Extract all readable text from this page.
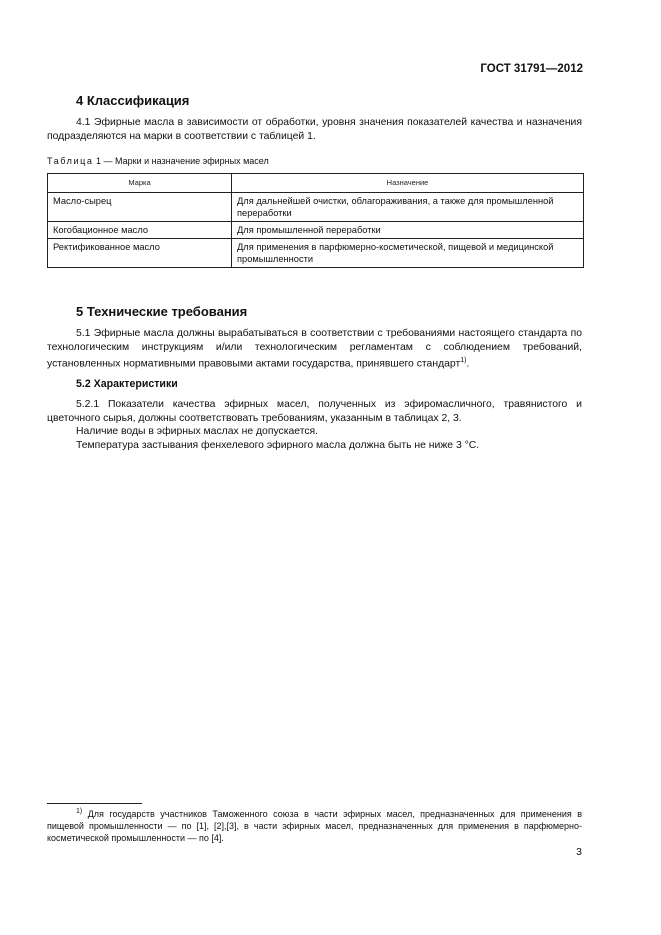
ГОСТ 31791—2012
4 Классификация
4.1 Эфирные масла в зависимости от обработки, уровня значения показателей качества и назначения подразделяются на марки в соответствии с таблицей 1.
Таблица 1 — Марки и назначение эфирных масел
Марка	Назначение
Масло-сырец	Для дальнейшей очистки, облагораживания, а также для промышленной переработки
Когобационное масло	Для промышленной переработки
Ректификованное масло	Для применения в парфюмерно-косметической, пищевой и медицинской промышленности
5 Технические требования
5.1 Эфирные масла должны вырабатываться в соответствии с требованиями настоящего стандарта по технологическим инструкциям и/или технологическим регламентам с соблюдением требований, установленных нормативными правовыми актами государства, принявшего стандарт$^{1)}$.
5.2 Характеристики
5.2.1 Показатели качества эфирных масел, полученных из эфиромасличного, травянистого и цветочного сырья, должны соответствовать требованиям, указанным в таблицах 2, 3.
Наличие воды в эфирных маслах не допускается.
Температура застывания фенхелевого эфирного масла должна быть не ниже 3 °С.
$^{1)}$ Для государств участников Таможенного союза в части эфирных масел, предназначенных для применения в пищевой промышленности — по [1], [2],[3], в части эфирных масел, предназначенных для применения в парфюмерно-косметической промышленности — по [4].
3
